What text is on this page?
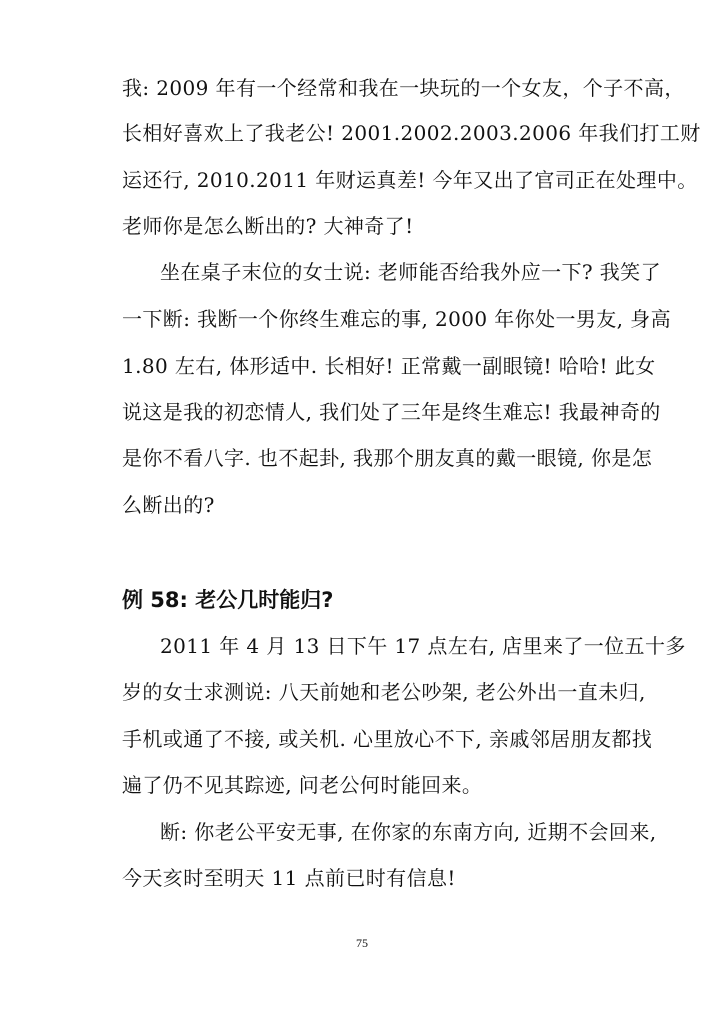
我: 2009 年有一个经常和我在一块玩的一个女友，个子不高，
长相好喜欢上了我老公! 2001.2002.2003.2006 年我们打工财
运还行, 2010.2011 年财运真差! 今年又出了官司正在处理中。
老师你是怎么断出的? 大神奇了!
坐在桌子末位的女士说: 老师能否给我外应一下? 我笑了
一下断: 我断一个你终生难忘的事, 2000 年你处一男友, 身高
1.80 左右, 体形适中. 长相好! 正常戴一副眼镜! 哈哈! 此女
说这是我的初恋情人, 我们处了三年是终生难忘! 我最神奇的
是你不看八字. 也不起卦, 我那个朋友真的戴一眼镜, 你是怎
么断出的?
例 58: 老公几时能归?
2011 年 4 月 13 日下午 17 点左右, 店里来了一位五十多
岁的女士求测说: 八天前她和老公吵架, 老公外出一直未归,
手机或通了不接, 或关机. 心里放心不下, 亲戚邻居朋友都找
遍了仍不见其踪迹, 问老公何时能回来。
断: 你老公平安无事, 在你家的东南方向, 近期不会回来,
今天亥时至明天 11 点前已时有信息!
75
